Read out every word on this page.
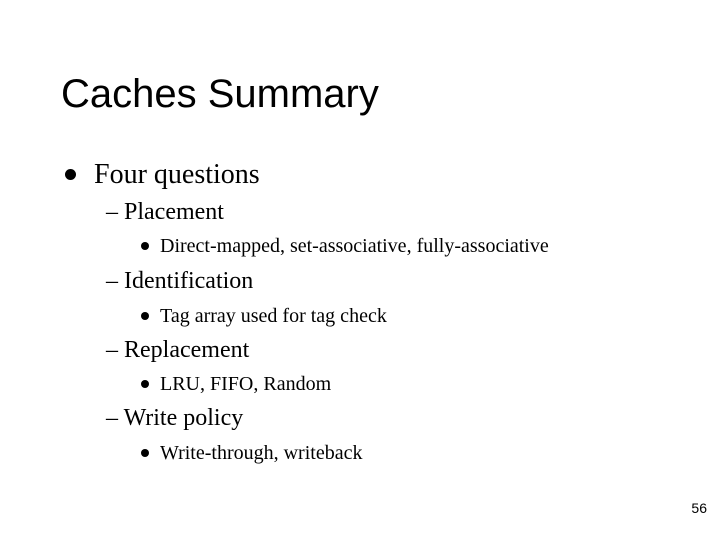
Caches Summary
Four questions
– Placement
Direct-mapped, set-associative, fully-associative
– Identification
Tag array used for tag check
– Replacement
LRU, FIFO, Random
– Write policy
Write-through, writeback
56
